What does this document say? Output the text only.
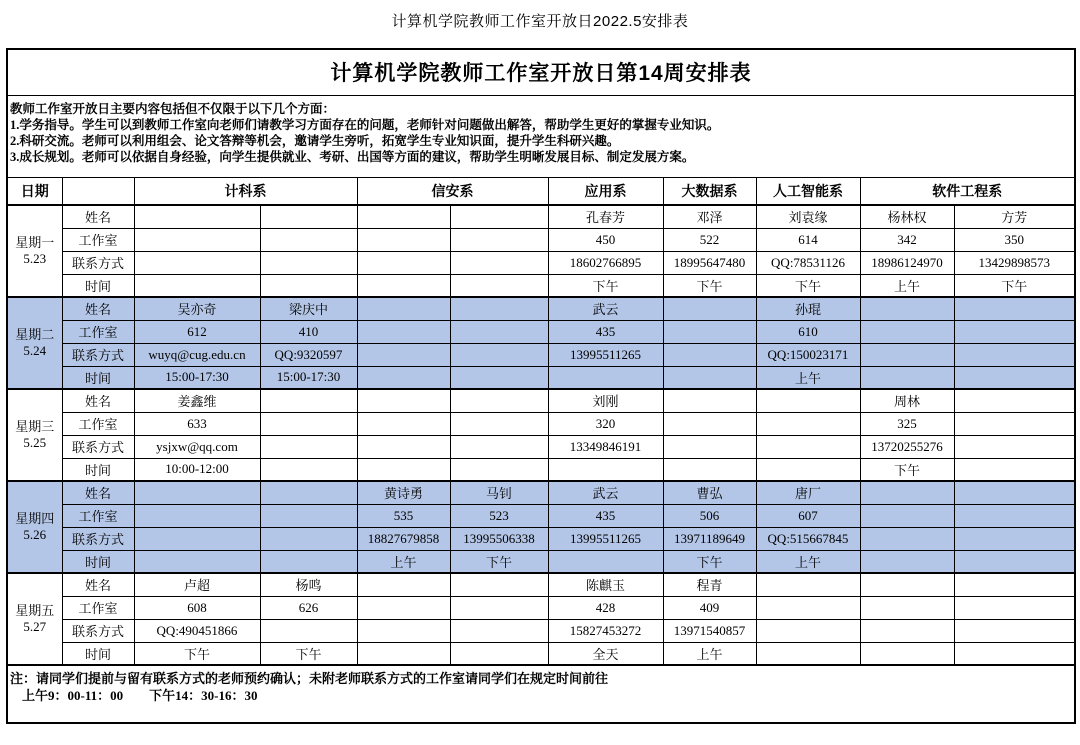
计算机学院教师工作室开放日2022.5安排表
计算机学院教师工作室开放日第14周安排表										

教师工作室开放日主要内容包括但不仅限于以下几个方面：
1.学务指导。学生可以到教师工作室向老师们请教学习方面存在的问题，老师针对问题做出解答，帮助学生更好的掌握专业知识。
2.科研交流。老师可以利用组会、论文答辩等机会，邀请学生旁听，拓宽学生专业知识面，提升学生科研兴趣。
3.成长规划。老师可以依据自身经验，向学生提供就业、考研、出国等方面的建议，帮助学生明晰发展目标、制定发展方案。										

日期		计科系		信安系		应用系	大数据系	人工智能系	软件工程系	

星期一
5.23	姓名					孔春芳	邓泽	刘袁缘	杨林权	方芳
	工作室					450	522	614	342	350
	联系方式					18602766895	18995647480	QQ:78531126	18986124970	13429898573
	时间					下午	下午	下午	上午	下午

星期二
5.24	姓名	吴亦奇	梁庆中			武云		孙琨		
	工作室	612	410			435		610		
	联系方式	wuyq@cug.edu.cn	QQ:9320597			13995511265		QQ:150023171		
	时间	15:00-17:30	15:00-17:30					上午		

星期三
5.25	姓名	姜鑫维				刘刚			周林	
	工作室	633				320			325	
	联系方式	ysjxw@qq.com				13349846191			13720255276	
	时间	10:00-12:00							下午	

星期四
5.26	姓名			黄诗勇	马钊	武云	曹弘	唐厂		
	工作室			535	523	435	506	607		
	联系方式			18827679858	13995506338	13995511265	13971189649	QQ:515667845		
	时间			上午	下午		下午	上午		

星期五
5.27	姓名	卢超	杨鸣			陈麒玉	程青			
	工作室	608	626			428	409			
	联系方式	QQ:490451866				15827453272	13971540857			
	时间	下午	下午			全天	上午			

注：请同学们提前与留有联系方式的老师预约确认；未附老师联系方式的工作室请同学们在规定时间前往
上午9：00-11：00　　下午14：30-16：30										
